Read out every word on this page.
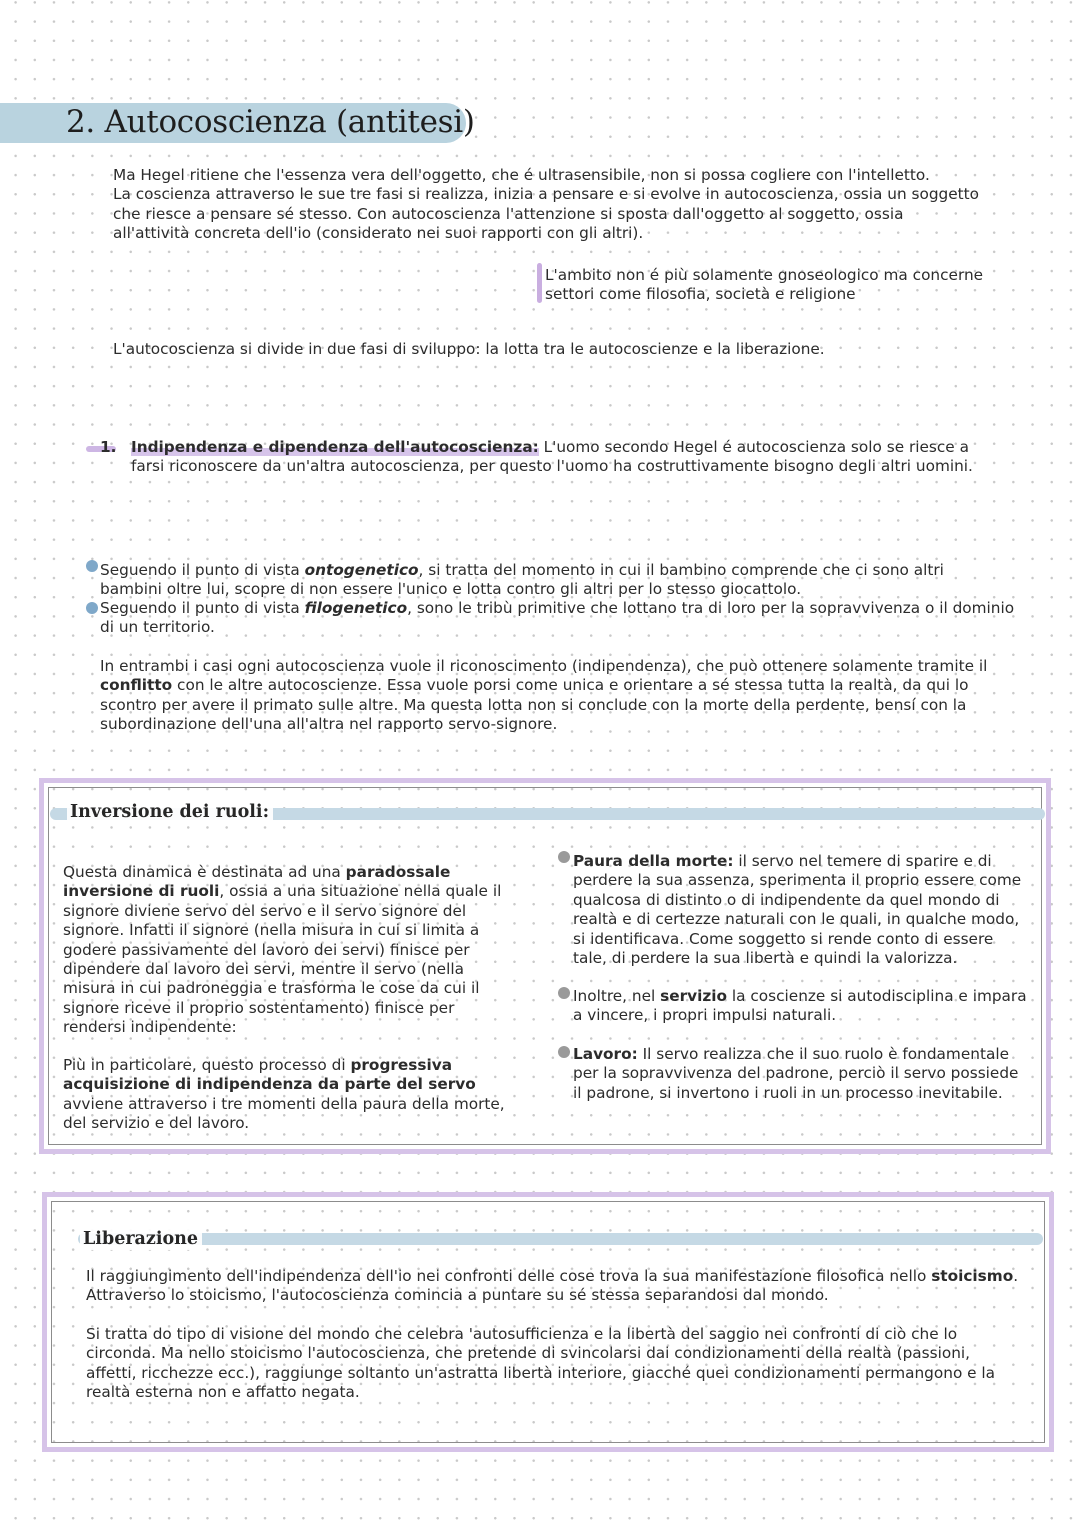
2. Autocoscienza (antitesi)

Ma Hegel ritiene che l'essenza vera dell'oggetto, che é ultrasensibile, non si possa cogliere con l'intelletto.

La coscienza attraverso le sue tre fasi si realizza, inizia a pensare e si evolve in autocoscienza, ossia un soggetto che riesce a pensare sé stesso. Con autocoscienza l'attenzione si sposta dall'oggetto al soggetto, ossia all'attività concreta dell'io (considerato nei suoi rapporti con gli altri).

L'ambito non é più solamente gnoseologico ma concerne settori come filosofia, società e religione

L'autocoscienza si divide in due fasi di sviluppo: la lotta tra le autocoscienze e la liberazione.

1. Indipendenza e dipendenza dell'autocoscienza: L'uomo secondo Hegel é autocoscienza solo se riesce a farsi riconoscere da un'altra autocoscienza, per questo l'uomo ha costruttivamente bisogno degli altri uomini.

Seguendo il punto di vista ontogenetico, si tratta del momento in cui il bambino comprende che ci sono altri bambini oltre lui, scopre di non essere l'unico e lotta contro gli altri per lo stesso giocattolo.

Seguendo il punto di vista filogenetico, sono le tribù primitive che lottano tra di loro per la sopravvivenza o il dominio di un territorio.

In entrambi i casi ogni autocoscienza vuole il riconoscimento (indipendenza), che può ottenere solamente tramite il conflitto con le altre autocoscienze. Essa vuole porsi come unica e orientare a sé stessa tutta la realtà, da qui lo scontro per avere il primato sulle altre. Ma questa lotta non si conclude con la morte della perdente, bensí con la subordinazione dell'una all'altra nel rapporto servo-signore.

Inversione dei ruoli:

Questa dinamica è destinata ad una paradossale inversione di ruoli, ossia a una situazione nella quale il signore diviene servo del servo e il servo signore del signore. Infatti il signore (nella misura in cui si limita a godere passivamente del lavoro dei servi) finisce per dipendere dal lavoro dei servi, mentre il servo (nella misura in cui padroneggia e trasforma le cose da cui il signore riceve il proprio sostentamento) finisce per rendersi indipendente:

Più in particolare, questo processo di progressiva acquisizione di indipendenza da parte del servo avviene attraverso i tre momenti della paura della morte, del servizio e del lavoro.

Paura della morte: il servo nel temere di sparire e di perdere la sua assenza, sperimenta il proprio essere come qualcosa di distinto o di indipendente da quel mondo di realtà e di certezze naturali con le quali, in qualche modo, si identificava. Come soggetto si rende conto di essere tale, di perdere la sua libertà e quindi la valorizza.

Inoltre, nel servizio la coscienze si autodisciplina e impara a vincere, i propri impulsi naturali.

Lavoro: Il servo realizza che il suo ruolo è fondamentale per la sopravvivenza del padrone, perciò il servo possiede il padrone, si invertono i ruoli in un processo inevitabile.

Liberazione

Il raggiungimento dell'indipendenza dell'io nei confronti delle cose trova la sua manifestazione filosofica nello stoicismo. Attraverso lo stoicismo, l'autocoscienza comincia a puntare su sé stessa separandosi dal mondo.

Si tratta do tipo di visione del mondo che celebra 'autosufficienza e la libertà del saggio nei confronti di ciò che lo circonda. Ma nello stoicismo l'autocoscienza, che pretende di svincolarsi dai condizionamenti della realtà (passioni, affetti, ricchezze ecc.), raggiunge soltanto un'astratta libertà interiore, giacché quei condizionamenti permangono e la realtà esterna non e affatto negata.
